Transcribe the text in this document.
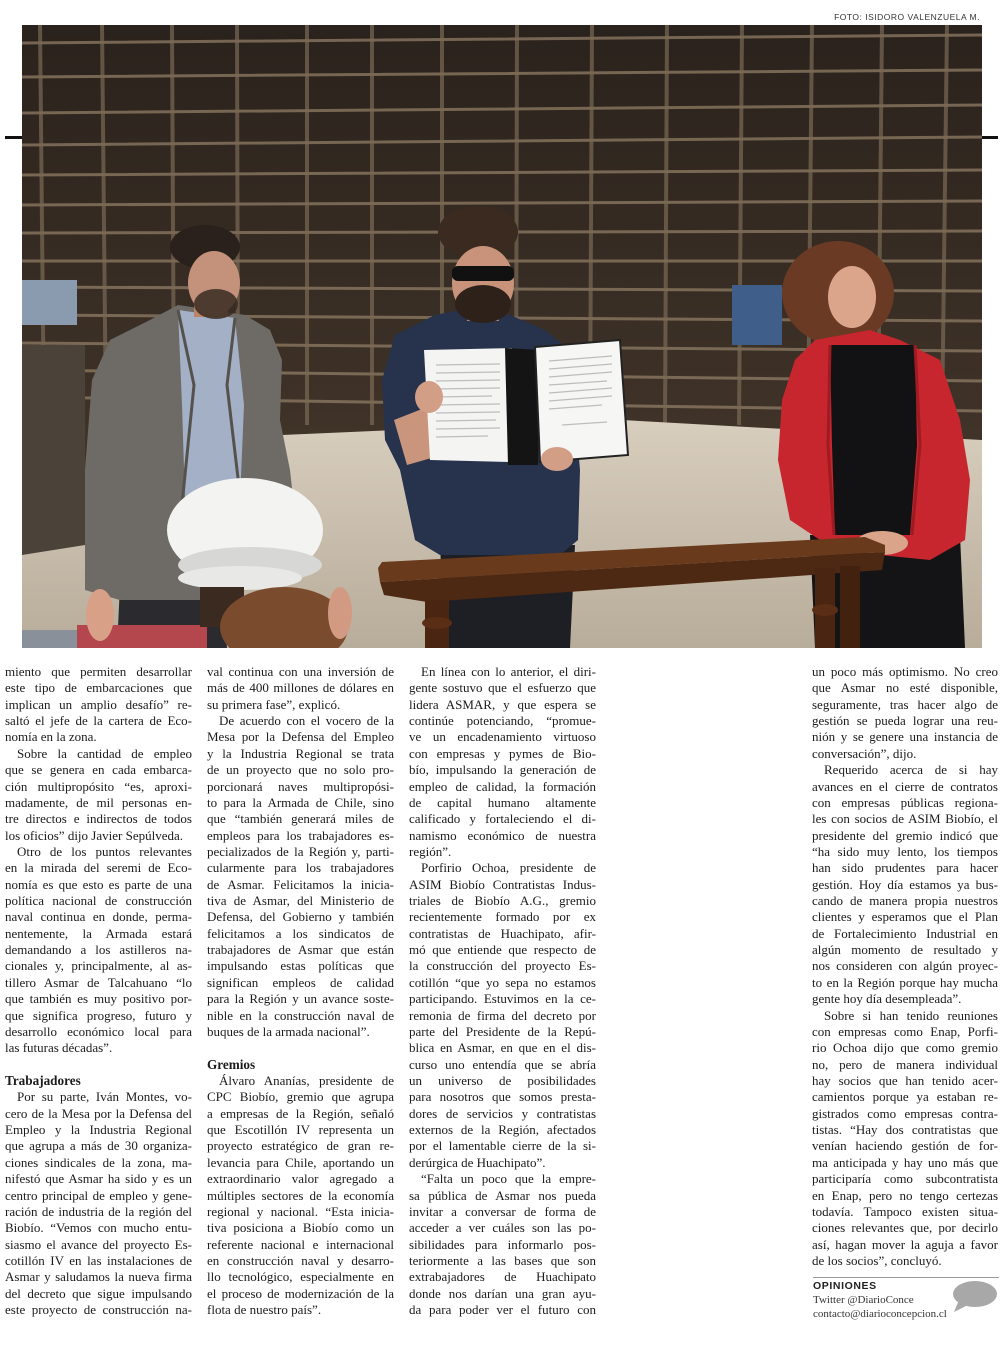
FOTO: ISIDORO VALENZUELA M.
miento que permiten desarrollar
este tipo de embarcaciones que
implican un amplio desafío” re-
saltó el jefe de la cartera de Eco-
nomía en la zona.
Sobre la cantidad de empleo
que se genera en cada embarca-
ción multipropósito “es, aproxi-
madamente, de mil personas en-
tre directos e indirectos de todos
los oficios” dijo Javier Sepúlveda.
Otro de los puntos relevantes
en la mirada del seremi de Eco-
nomía es que esto es parte de una
política nacional de construcción
naval continua en donde, perma-
nentemente, la Armada estará
demandando a los astilleros na-
cionales y, principalmente, al as-
tillero Asmar de Talcahuano “lo
que también es muy positivo por-
que significa progreso, futuro y
desarrollo económico local para
las futuras décadas”.
Trabajadores
Por su parte, Iván Montes, vo-
cero de la Mesa por la Defensa del
Empleo y la Industria Regional
que agrupa a más de 30 organiza-
ciones sindicales de la zona, ma-
nifestó que Asmar ha sido y es un
centro principal de empleo y gene-
ración de industria de la región del
Biobío. “Vemos con mucho entu-
siasmo el avance del proyecto Es-
cotillón IV en las instalaciones de
Asmar y saludamos la nueva firma
del decreto que sigue impulsando
este proyecto de construcción na-
val continua con una inversión de
más de 400 millones de dólares en
su primera fase”, explicó.
De acuerdo con el vocero de la
Mesa por la Defensa del Empleo
y la Industria Regional se trata
de un proyecto que no solo pro-
porcionará naves multipropósi-
to para la Armada de Chile, sino
que “también generará miles de
empleos para los trabajadores es-
pecializados de la Región y, parti-
cularmente para los trabajadores
de Asmar. Felicitamos la inicia-
tiva de Asmar, del Ministerio de
Defensa, del Gobierno y también
felicitamos a los sindicatos de
trabajadores de Asmar que están
impulsando estas políticas que
significan empleos de calidad
para la Región y un avance soste-
nible en la construcción naval de
buques de la armada nacional”.
Gremios
Álvaro Ananías, presidente de
CPC Biobío, gremio que agrupa
a empresas de la Región, señaló
que Escotillón IV representa un
proyecto estratégico de gran re-
levancia para Chile, aportando un
extraordinario valor agregado a
múltiples sectores de la economía
regional y nacional. “Esta inicia-
tiva posiciona a Biobío como un
referente nacional e internacional
en construcción naval y desarro-
llo tecnológico, especialmente en
el proceso de modernización de la
flota de nuestro país”.
En línea con lo anterior, el diri-
gente sostuvo que el esfuerzo que
lidera ASMAR, y que espera se
continúe potenciando, “promue-
ve un encadenamiento virtuoso
con empresas y pymes de Bio-
bío, impulsando la generación de
empleo de calidad, la formación
de capital humano altamente
calificado y fortaleciendo el di-
namismo económico de nuestra
región”.
Porfirio Ochoa, presidente de
ASIM Biobío Contratistas Indus-
triales de Biobío A.G., gremio
recientemente formado por ex
contratistas de Huachipato, afir-
mó que entiende que respecto de
la construcción del proyecto Es-
cotillón “que yo sepa no estamos
participando. Estuvimos en la ce-
remonia de firma del decreto por
parte del Presidente de la Repú-
blica en Asmar, en que en el dis-
curso uno entendía que se abría
un universo de posibilidades
para nosotros que somos presta-
dores de servicios y contratistas
externos de la Región, afectados
por el lamentable cierre de la si-
derúrgica de Huachipato”.
“Falta un poco que la empre-
sa pública de Asmar nos pueda
invitar a conversar de forma de
acceder a ver cuáles son las po-
sibilidades para informarlo pos-
teriormente a las bases que son
extrabajadores de Huachipato
donde nos darían una gran ayu-
da para poder ver el futuro con
un poco más optimismo. No creo
que Asmar no esté disponible,
seguramente, tras hacer algo de
gestión se pueda lograr una reu-
nión y se genere una instancia de
conversación”, dijo.
Requerido acerca de si hay
avances en el cierre de contratos
con empresas públicas regiona-
les con socios de ASIM Biobío, el
presidente del gremio indicó que
“ha sido muy lento, los tiempos
han sido prudentes para hacer
gestión. Hoy día estamos ya bus-
cando de manera propia nuestros
clientes y esperamos que el Plan
de Fortalecimiento Industrial en
algún momento de resultado y
nos consideren con algún proyec-
to en la Región porque hay mucha
gente hoy día desempleada”.
Sobre si han tenido reuniones
con empresas como Enap, Porfi-
rio Ochoa dijo que como gremio
no, pero de manera individual
hay socios que han tenido acer-
camientos porque ya estaban re-
gistrados como empresas contra-
tistas. “Hay dos contratistas que
venían haciendo gestión de for-
ma anticipada y hay uno más que
participaría como subcontratista
en Enap, pero no tengo certezas
todavía. Tampoco existen situa-
ciones relevantes que, por decirlo
así, hagan mover la aguja a favor
de los socios”, concluyó.
OPINIONES
Twitter @DiarioConce
contacto@diarioconcepcion.cl
